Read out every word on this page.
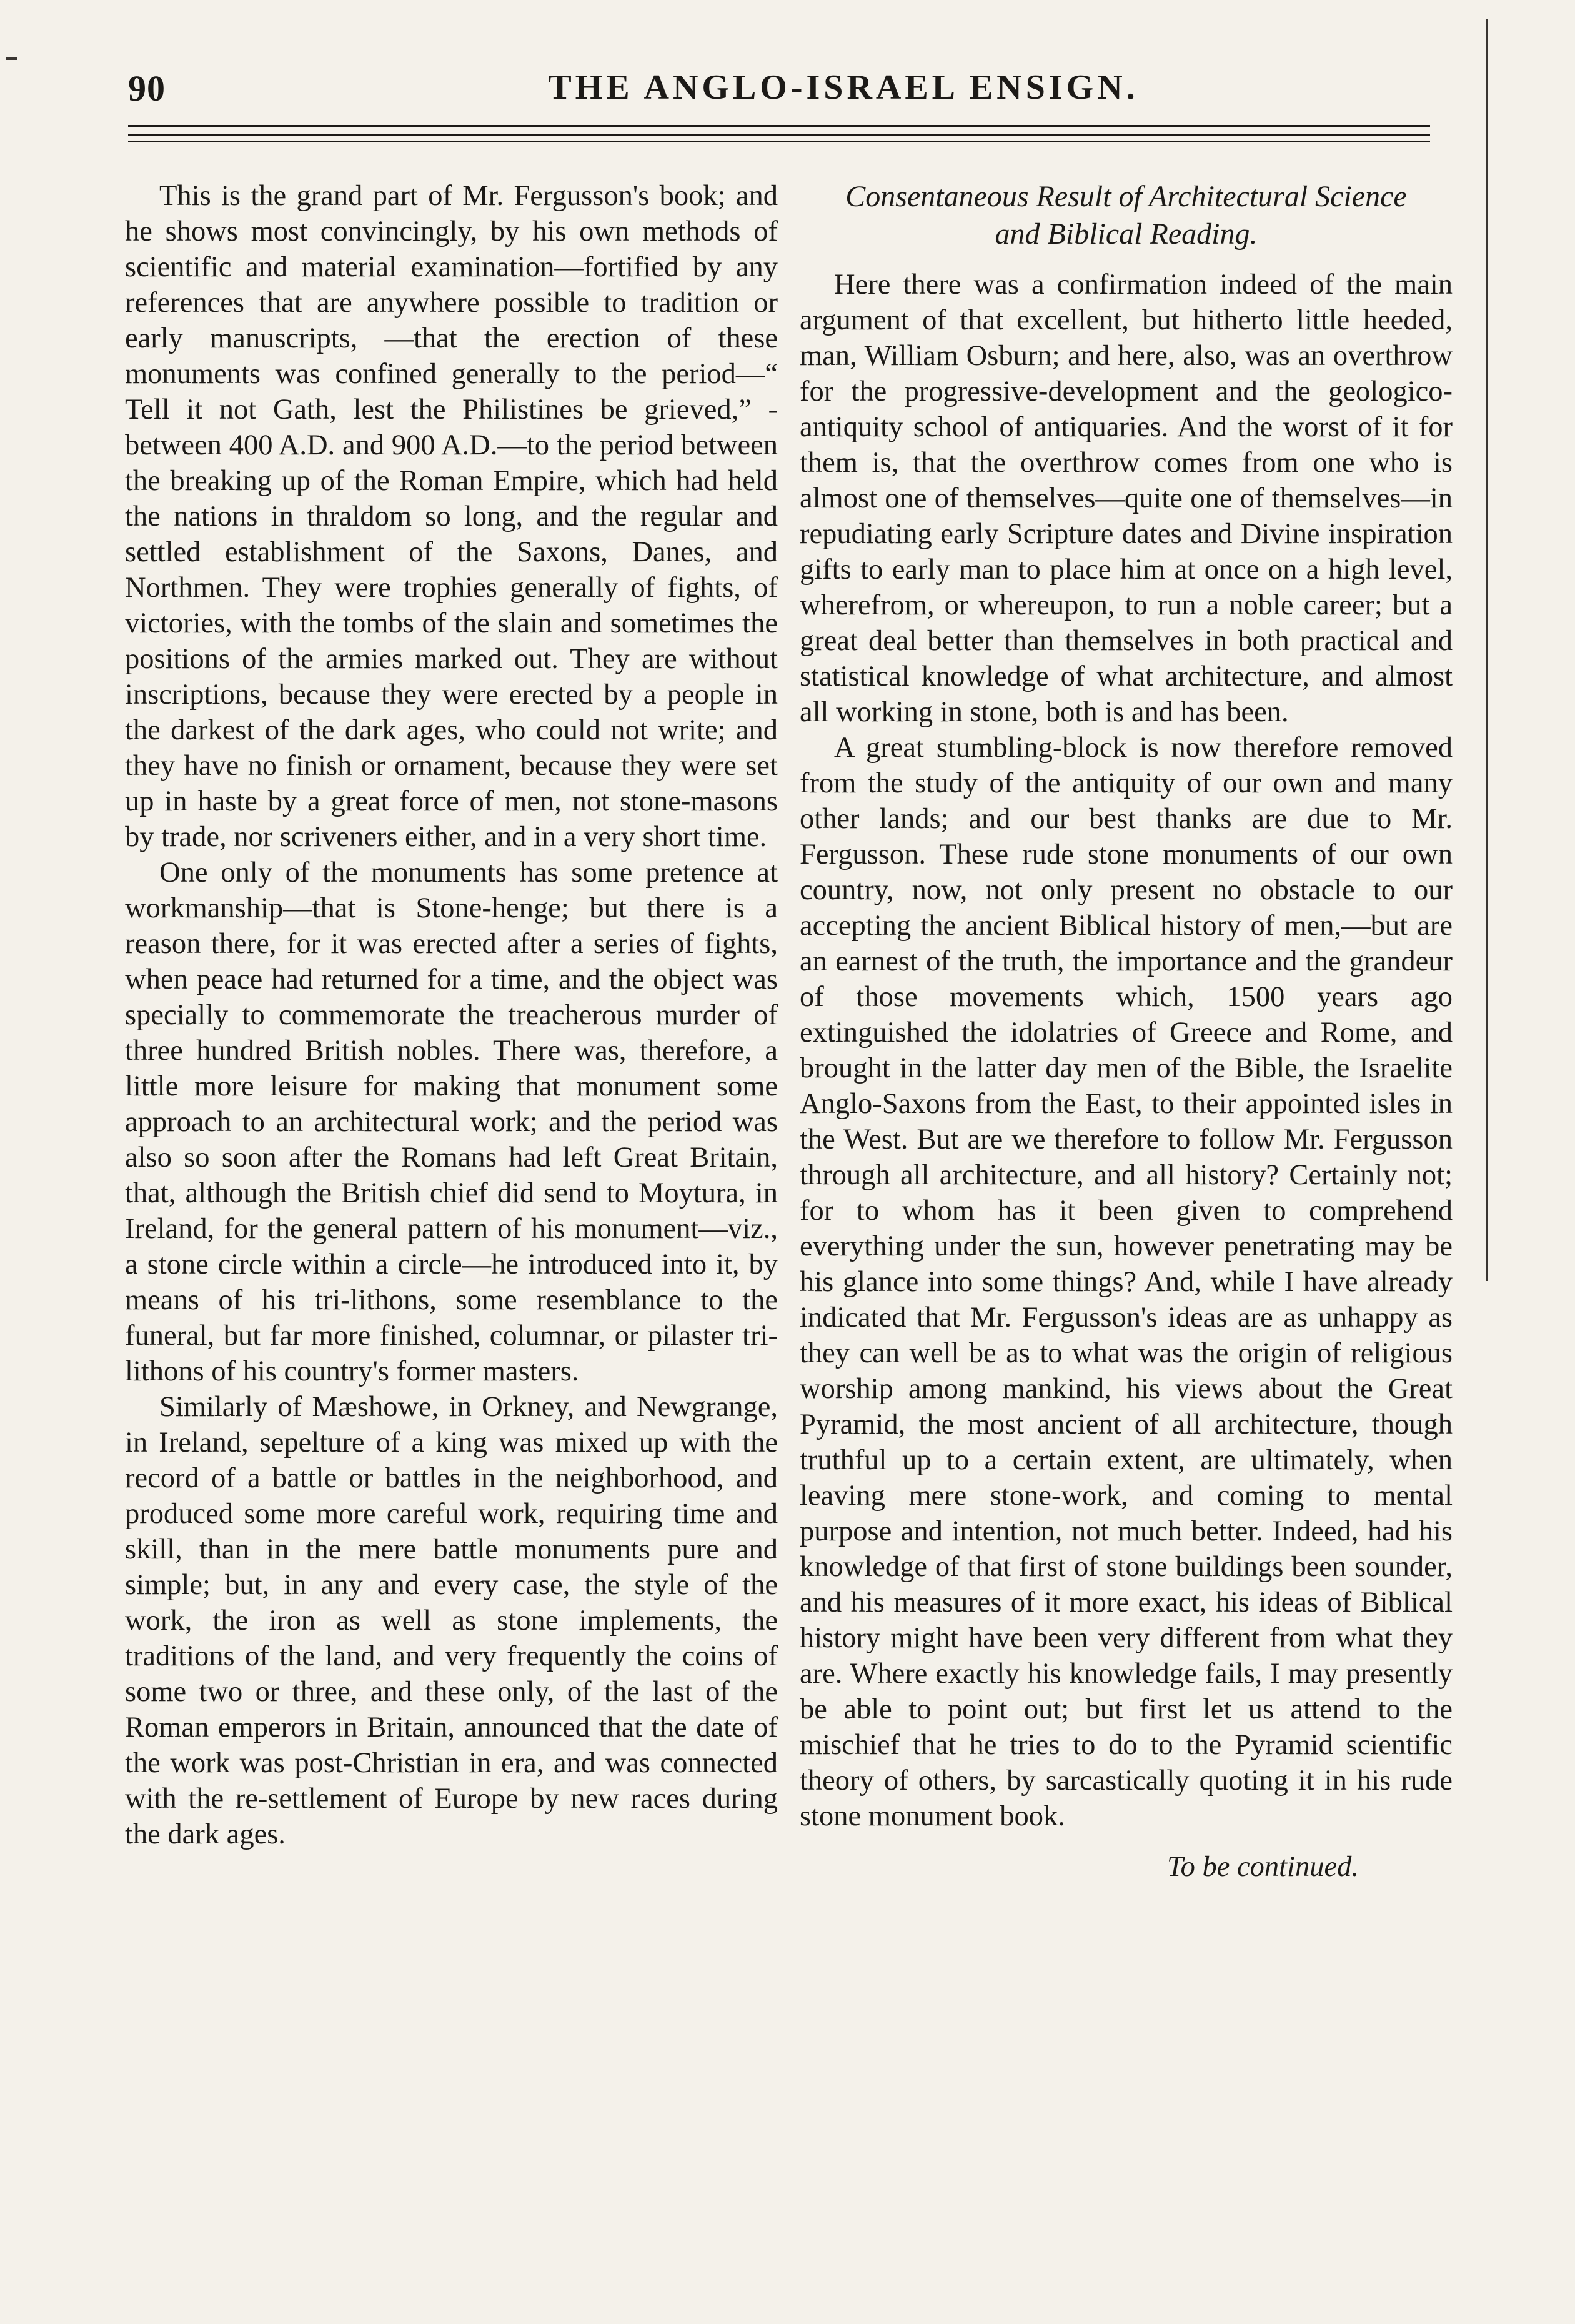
90	THE ANGLO-ISRAEL ENSIGN.

This is the grand part of Mr. Fergusson's book; and he shows most convincingly, by his own methods of scientific and material examination—fortified by any references that are anywhere possible to tradition or early manuscripts, —that the erection of these monuments was confined generally to the period—“ Tell it not Gath, lest the Philistines be grieved,” -between 400 A.D. and 900 A.D.—to the period between the breaking up of the Roman Empire, which had held the nations in thraldom so long, and the regular and settled establishment of the Saxons, Danes, and Northmen. They were trophies generally of fights, of victories, with the tombs of the slain and sometimes the positions of the armies marked out. They are without inscriptions, because they were erected by a people in the darkest of the dark ages, who could not write; and they have no finish or ornament, because they were set up in haste by a great force of men, not stone-masons by trade, nor scriveners either, and in a very short time.

One only of the monuments has some pretence at workmanship—that is Stone-henge; but there is a reason there, for it was erected after a series of fights, when peace had returned for a time, and the object was specially to commemorate the treacherous murder of three hundred British nobles. There was, therefore, a little more leisure for making that monument some approach to an architectural work; and the period was also so soon after the Romans had left Great Britain, that, although the British chief did send to Moytura, in Ireland, for the general pattern of his monument—viz., a stone circle within a circle—he introduced into it, by means of his tri-lithons, some resemblance to the funeral, but far more finished, columnar, or pilaster tri-lithons of his country's former masters.

Similarly of Mæshowe, in Orkney, and Newgrange, in Ireland, sepelture of a king was mixed up with the record of a battle or battles in the neighborhood, and produced some more careful work, requiring time and skill, than in the mere battle monuments pure and simple; but, in any and every case, the style of the work, the iron as well as stone implements, the traditions of the land, and very frequently the coins of some two or three, and these only, of the last of the Roman emperors in Britain, announced that the date of the work was post-Christian in era, and was connected with the re-settlement of Europe by new races during the dark ages.

Consentaneous Result of Architectural Science
and Biblical Reading.

Here there was a confirmation indeed of the main argument of that excellent, but hitherto little heeded, man, William Osburn; and here, also, was an overthrow for the progressive-development and the geologico-antiquity school of antiquaries. And the worst of it for them is, that the overthrow comes from one who is almost one of themselves—quite one of themselves—in repudiating early Scripture dates and Divine inspiration gifts to early man to place him at once on a high level, wherefrom, or whereupon, to run a noble career; but a great deal better than themselves in both practical and statistical knowledge of what architecture, and almost all working in stone, both is and has been.

A great stumbling-block is now therefore removed from the study of the antiquity of our own and many other lands; and our best thanks are due to Mr. Fergusson. These rude stone monuments of our own country, now, not only present no obstacle to our accepting the ancient Biblical history of men,—but are an earnest of the truth, the importance and the grandeur of those movements which, 1500 years ago extinguished the idolatries of Greece and Rome, and brought in the latter day men of the Bible, the Israelite Anglo-Saxons from the East, to their appointed isles in the West. But are we therefore to follow Mr. Fergusson through all architecture, and all history? Certainly not; for to whom has it been given to comprehend everything under the sun, however penetrating may be his glance into some things? And, while I have already indicated that Mr. Fergusson's ideas are as unhappy as they can well be as to what was the origin of religious worship among mankind, his views about the Great Pyramid, the most ancient of all architecture, though truthful up to a certain extent, are ultimately, when leaving mere stone-work, and coming to mental purpose and intention, not much better. Indeed, had his knowledge of that first of stone buildings been sounder, and his measures of it more exact, his ideas of Biblical history might have been very different from what they are. Where exactly his knowledge fails, I may presently be able to point out; but first let us attend to the mischief that he tries to do to the Pyramid scientific theory of others, by sarcastically quoting it in his rude stone monument book.

To be continued.
